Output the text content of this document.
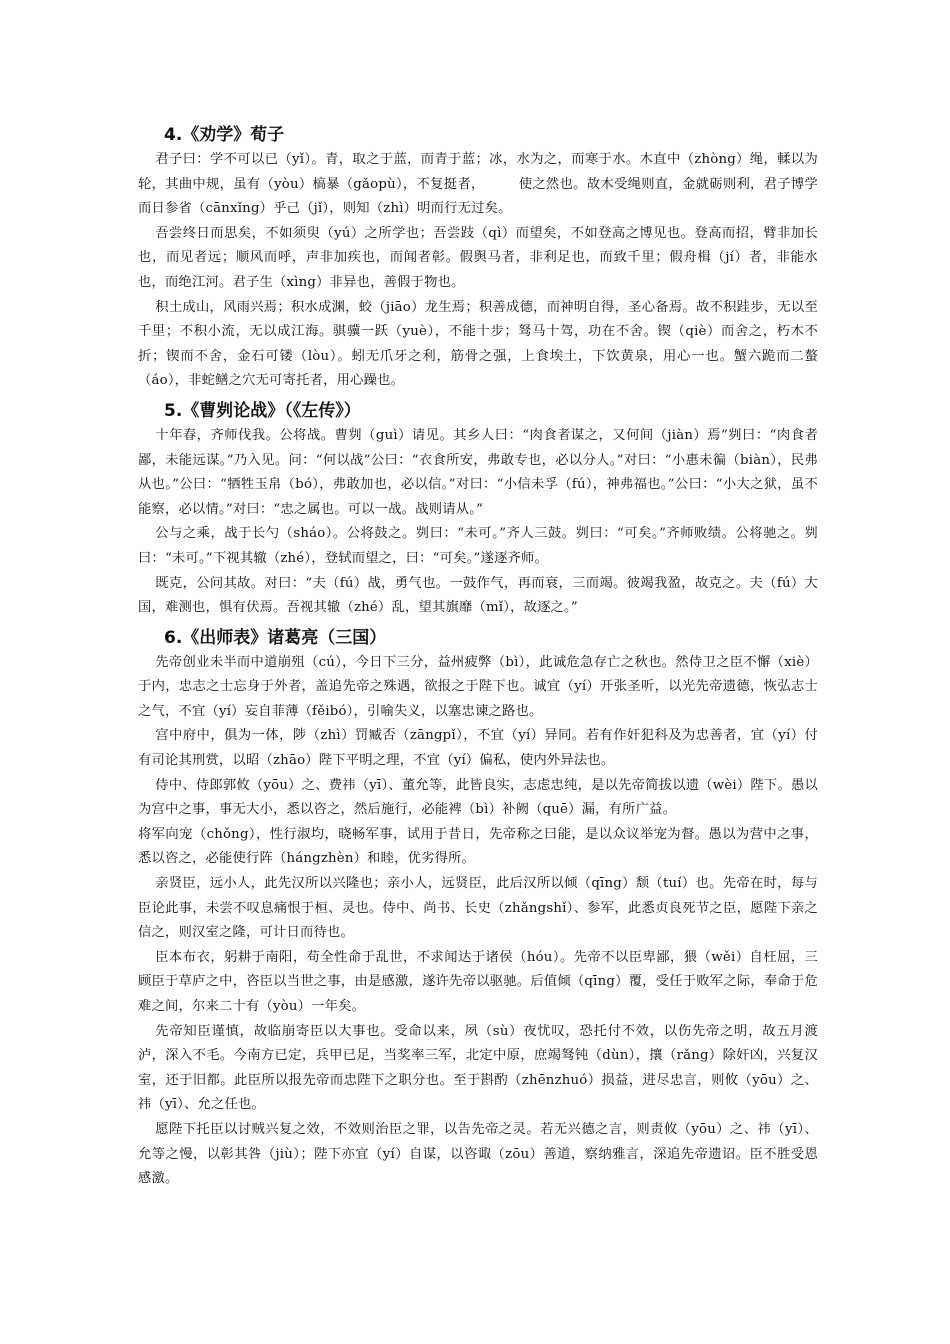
4.《劝学》荀子

君子曰：学不可以已（yǐ）。青，取之于蓝，而青于蓝；冰，水为之，而寒于水。木直中（zhòng）绳，輮以为轮，其曲中规，虽有（yòu）槁暴（gǎopù），不复挺者，　　　使之然也。故木受绳则直，金就砺则利，君子博学而日参省（cānxǐng）乎己（jǐ），则知（zhì）明而行无过矣。

吾尝终日而思矣，不如须臾（yú）之所学也；吾尝跂（qì）而望矣，不如登高之博见也。登高而招，臂非加长也，而见者远；顺风而呼，声非加疾也，而闻者彰。假舆马者，非利足也，而致千里；假舟楫（jí）者，非能水也，而绝江河。君子生（xìng）非异也，善假于物也。

积土成山，风雨兴焉；积水成渊，蛟（jiāo）龙生焉；积善成德，而神明自得，圣心备焉。故不积跬步，无以至千里；不积小流，无以成江海。骐骥一跃（yuè），不能十步；驽马十驾，功在不舍。锲（qiè）而舍之，朽木不折；锲而不舍，金石可镂（lòu）。蚓无爪牙之利，筋骨之强，上食埃土，下饮黄泉，用心一也。蟹六跪而二螯（áo），非蛇鳝之穴无可寄托者，用心躁也。

5.《曹刿论战》（《左传》）

十年春，齐师伐我。公将战。曹刿（guì）请见。其乡人曰：“肉食者谋之，又何间（jiàn）焉”刿曰：“肉食者鄙，未能远谋。”乃入见。问：“何以战”公曰：“衣食所安，弗敢专也，必以分人。”对曰：“小惠未徧（biàn），民弗从也。”公曰：“牺牲玉帛（bó），弗敢加也，必以信。”对曰：“小信未孚（fú），神弗福也。”公曰：“小大之狱，虽不能察，必以情。”对曰：“忠之属也。可以一战。战则请从。”

公与之乘，战于长勺（sháo）。公将鼓之。刿曰：“未可。”齐人三鼓。刿曰：“可矣。”齐师败绩。公将驰之。刿曰：“未可。”下视其辙（zhé），登轼而望之，曰：“可矣。”遂逐齐师。

既克，公问其故。对曰：“夫（fú）战，勇气也。一鼓作气，再而衰，三而竭。彼竭我盈，故克之。夫（fú）大国，难测也，惧有伏焉。吾视其辙（zhé）乱，望其旗靡（mǐ），故逐之。”

6.《出师表》诸葛亮（三国）

先帝创业未半而中道崩殂（cú），今日下三分，益州疲弊（bì），此诚危急存亡之秋也。然侍卫之臣不懈（xiè）于内，忠志之士忘身于外者，盖追先帝之殊遇，欲报之于陛下也。诚宜（yí）开张圣听，以光先帝遗德，恢弘志士之气，不宜（yí）妄自菲薄（fěibó），引喻失义，以塞忠谏之路也。

宫中府中，俱为一体，陟（zhì）罚臧否（zāngpǐ），不宜（yí）异同。若有作奸犯科及为忠善者，宜（yí）付有司论其刑赏，以昭（zhāo）陛下平明之理，不宜（yí）偏私，使内外异法也。

侍中、侍郎郭攸（yōu）之、费祎（yī）、董允等，此皆良实，志虑忠纯，是以先帝简拔以遗（wèi）陛下。愚以为宫中之事，事无大小，悉以咨之，然后施行，必能裨（bì）补阙（quē）漏，有所广益。

将军向宠（chǒng），性行淑均，晓畅军事，试用于昔日，先帝称之曰能，是以众议举宠为督。愚以为营中之事，悉以咨之，必能使行阵（hángzhèn）和睦，优劣得所。

亲贤臣，远小人，此先汉所以兴隆也；亲小人，远贤臣，此后汉所以倾（qīng）颓（tuí）也。先帝在时，每与臣论此事，未尝不叹息痛恨于桓、灵也。侍中、尚书、长史（zhǎngshǐ）、参军，此悉贞良死节之臣，愿陛下亲之信之，则汉室之隆，可计日而待也。

臣本布衣，躬耕于南阳，苟全性命于乱世，不求闻达于诸侯（hóu）。先帝不以臣卑鄙，猥（wěi）自枉屈，三顾臣于草庐之中，咨臣以当世之事，由是感激，遂许先帝以驱驰。后值倾（qīng）覆，受任于败军之际，奉命于危难之间，尔来二十有（yòu）一年矣。

先帝知臣谨慎，故临崩寄臣以大事也。受命以来，夙（sù）夜忧叹，恐托付不效，以伤先帝之明，故五月渡泸，深入不毛。今南方已定，兵甲已足，当奖率三军，北定中原，庶竭驽钝（dùn），攘（rǎng）除奸凶，兴复汉室，还于旧都。此臣所以报先帝而忠陛下之职分也。至于斟酌（zhēnzhuó）损益，进尽忠言，则攸（yōu）之、祎（yī）、允之任也。

愿陛下托臣以讨贼兴复之效，不效则治臣之罪，以告先帝之灵。若无兴德之言，则责攸（yōu）之、祎（yī）、允等之慢，以彰其咎（jiù）；陛下亦宜（yí）自谋，以咨诹（zōu）善道，察纳雅言，深追先帝遗诏。臣不胜受恩感激。
